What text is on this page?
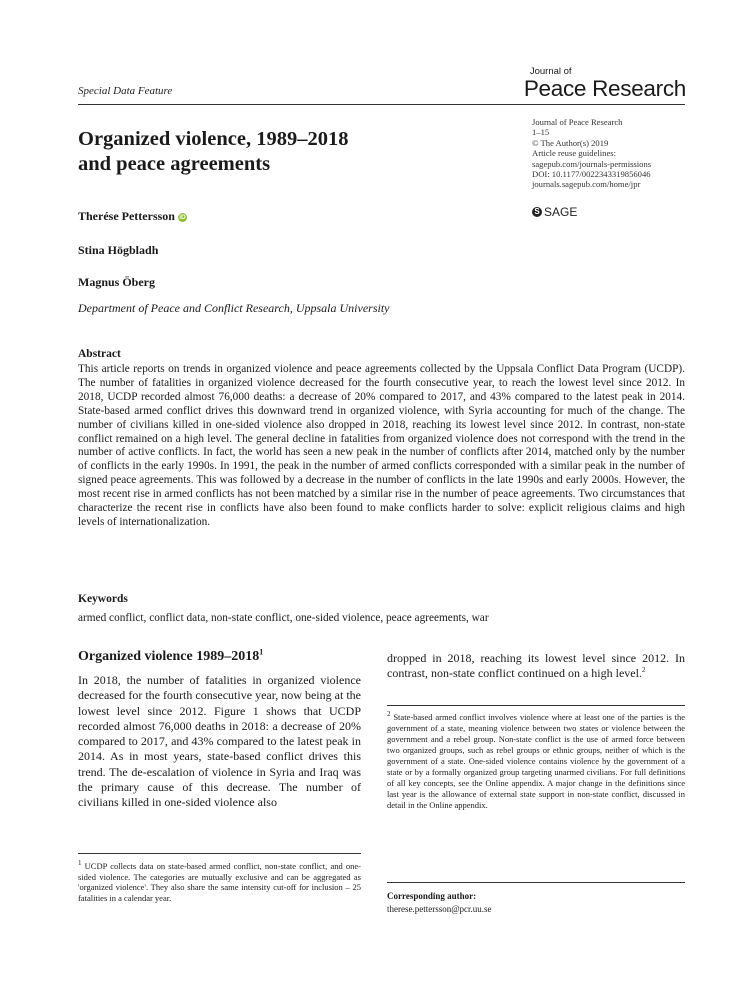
Special Data Feature
Journal of
Peace Research
Organized violence, 1989–2018
and peace agreements
Journal of Peace Research
1–15
© The Author(s) 2019
Article reuse guidelines:
sagepub.com/journals-permissions
DOI: 10.1177/0022343319856046
journals.sagepub.com/home/jpr
S SAGE
Therése Pettersson iD
Stina Högbladh
Magnus Öberg
Department of Peace and Conflict Research, Uppsala University
Abstract
This article reports on trends in organized violence and peace agreements collected by the Uppsala Conflict Data Program (UCDP). The number of fatalities in organized violence decreased for the fourth consecutive year, to reach the lowest level since 2012. In 2018, UCDP recorded almost 76,000 deaths: a decrease of 20% compared to 2017, and 43% compared to the latest peak in 2014. State-based armed conflict drives this downward trend in organized violence, with Syria accounting for much of the change. The number of civilians killed in one-sided violence also dropped in 2018, reaching its lowest level since 2012. In contrast, non-state conflict remained on a high level. The general decline in fatalities from organized violence does not correspond with the trend in the number of active conflicts. In fact, the world has seen a new peak in the number of conflicts after 2014, matched only by the number of conflicts in the early 1990s. In 1991, the peak in the number of armed conflicts corresponded with a similar peak in the number of signed peace agreements. This was followed by a decrease in the number of conflicts in the late 1990s and early 2000s. However, the most recent rise in armed conflicts has not been matched by a similar rise in the number of peace agreements. Two circumstances that characterize the recent rise in conflicts have also been found to make conflicts harder to solve: explicit religious claims and high levels of internationalization.
Keywords
armed conflict, conflict data, non-state conflict, one-sided violence, peace agreements, war
Organized violence 1989–2018$^1$
In 2018, the number of fatalities in organized violence decreased for the fourth consecutive year, now being at the lowest level since 2012. Figure 1 shows that UCDP recorded almost 76,000 deaths in 2018: a decrease of 20% compared to 2017, and 43% compared to the latest peak in 2014. As in most years, state-based conflict drives this trend. The de-escalation of violence in Syria and Iraq was the primary cause of this decrease. The number of civilians killed in one-sided violence also
dropped in 2018, reaching its lowest level since 2012. In contrast, non-state conflict continued on a high level.$^2$
$^2$ State-based armed conflict involves violence where at least one of the parties is the government of a state, meaning violence between two states or violence between the government and a rebel group. Non-state conflict is the use of armed force between two organized groups, such as rebel groups or ethnic groups, neither of which is the government of a state. One-sided violence contains violence by the government of a state or by a formally organized group targeting unarmed civilians. For full definitions of all key concepts, see the Online appendix. A major change in the definitions since last year is the allowance of external state support in non-state conflict, discussed in detail in the Online appendix.
$^1$ UCDP collects data on state-based armed conflict, non-state conflict, and one-sided violence. The categories are mutually exclusive and can be aggregated as 'organized violence'. They also share the same intensity cut-off for inclusion – 25 fatalities in a calendar year.	Corresponding author:
therese.pettersson@pcr.uu.se
